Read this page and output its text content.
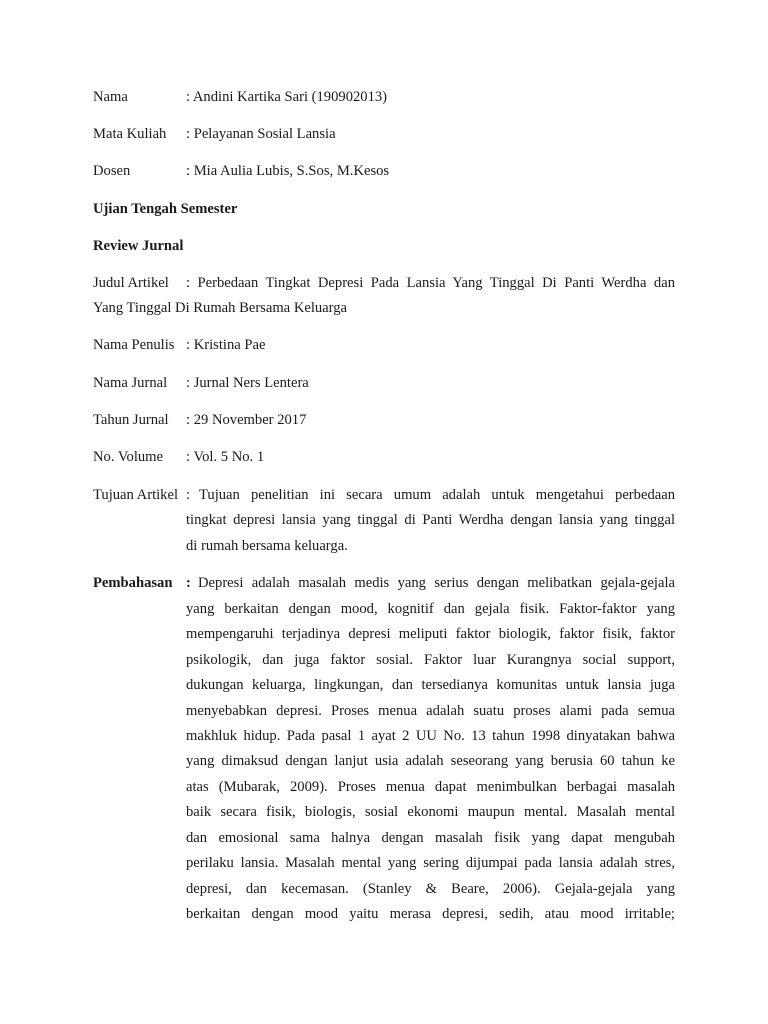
Nama	: Andini Kartika Sari (190902013)
Mata Kuliah : Pelayanan Sosial Lansia
Dosen	: Mia Aulia Lubis, S.Sos, M.Kesos
Ujian Tengah Semester
Review Jurnal
Judul Artikel : Perbedaan Tingkat Depresi Pada Lansia Yang Tinggal Di Panti Werdha dan
Yang Tinggal Di Rumah Bersama Keluarga
Nama Penulis : Kristina Pae
Nama Jurnal : Jurnal Ners Lentera
Tahun Jurnal : 29 November 2017
No. Volume : Vol. 5 No. 1
Tujuan Artikel : Tujuan penelitian ini secara umum adalah untuk mengetahui perbedaan
tingkat depresi lansia yang tinggal di Panti Werdha dengan lansia yang tinggal
di rumah bersama keluarga.
Pembahasan : Depresi adalah masalah medis yang serius dengan melibatkan gejala-gejala
yang berkaitan dengan mood, kognitif dan gejala fisik. Faktor-faktor yang
mempengaruhi terjadinya depresi meliputi faktor biologik, faktor fisik, faktor
psikologik, dan juga faktor sosial. Faktor luar Kurangnya social support,
dukungan keluarga, lingkungan, dan tersedianya komunitas untuk lansia juga
menyebabkan depresi. Proses menua adalah suatu proses alami pada semua
makhluk hidup. Pada pasal 1 ayat 2 UU No. 13 tahun 1998 dinyatakan bahwa
yang dimaksud dengan lanjut usia adalah seseorang yang berusia 60 tahun ke
atas (Mubarak, 2009). Proses menua dapat menimbulkan berbagai masalah
baik secara fisik, biologis, sosial ekonomi maupun mental. Masalah mental
dan emosional sama halnya dengan masalah fisik yang dapat mengubah
perilaku lansia. Masalah mental yang sering dijumpai pada lansia adalah stres,
depresi, dan kecemasan. (Stanley & Beare, 2006). Gejala-gejala yang
berkaitan dengan mood yaitu merasa depresi, sedih, atau mood irritable;
